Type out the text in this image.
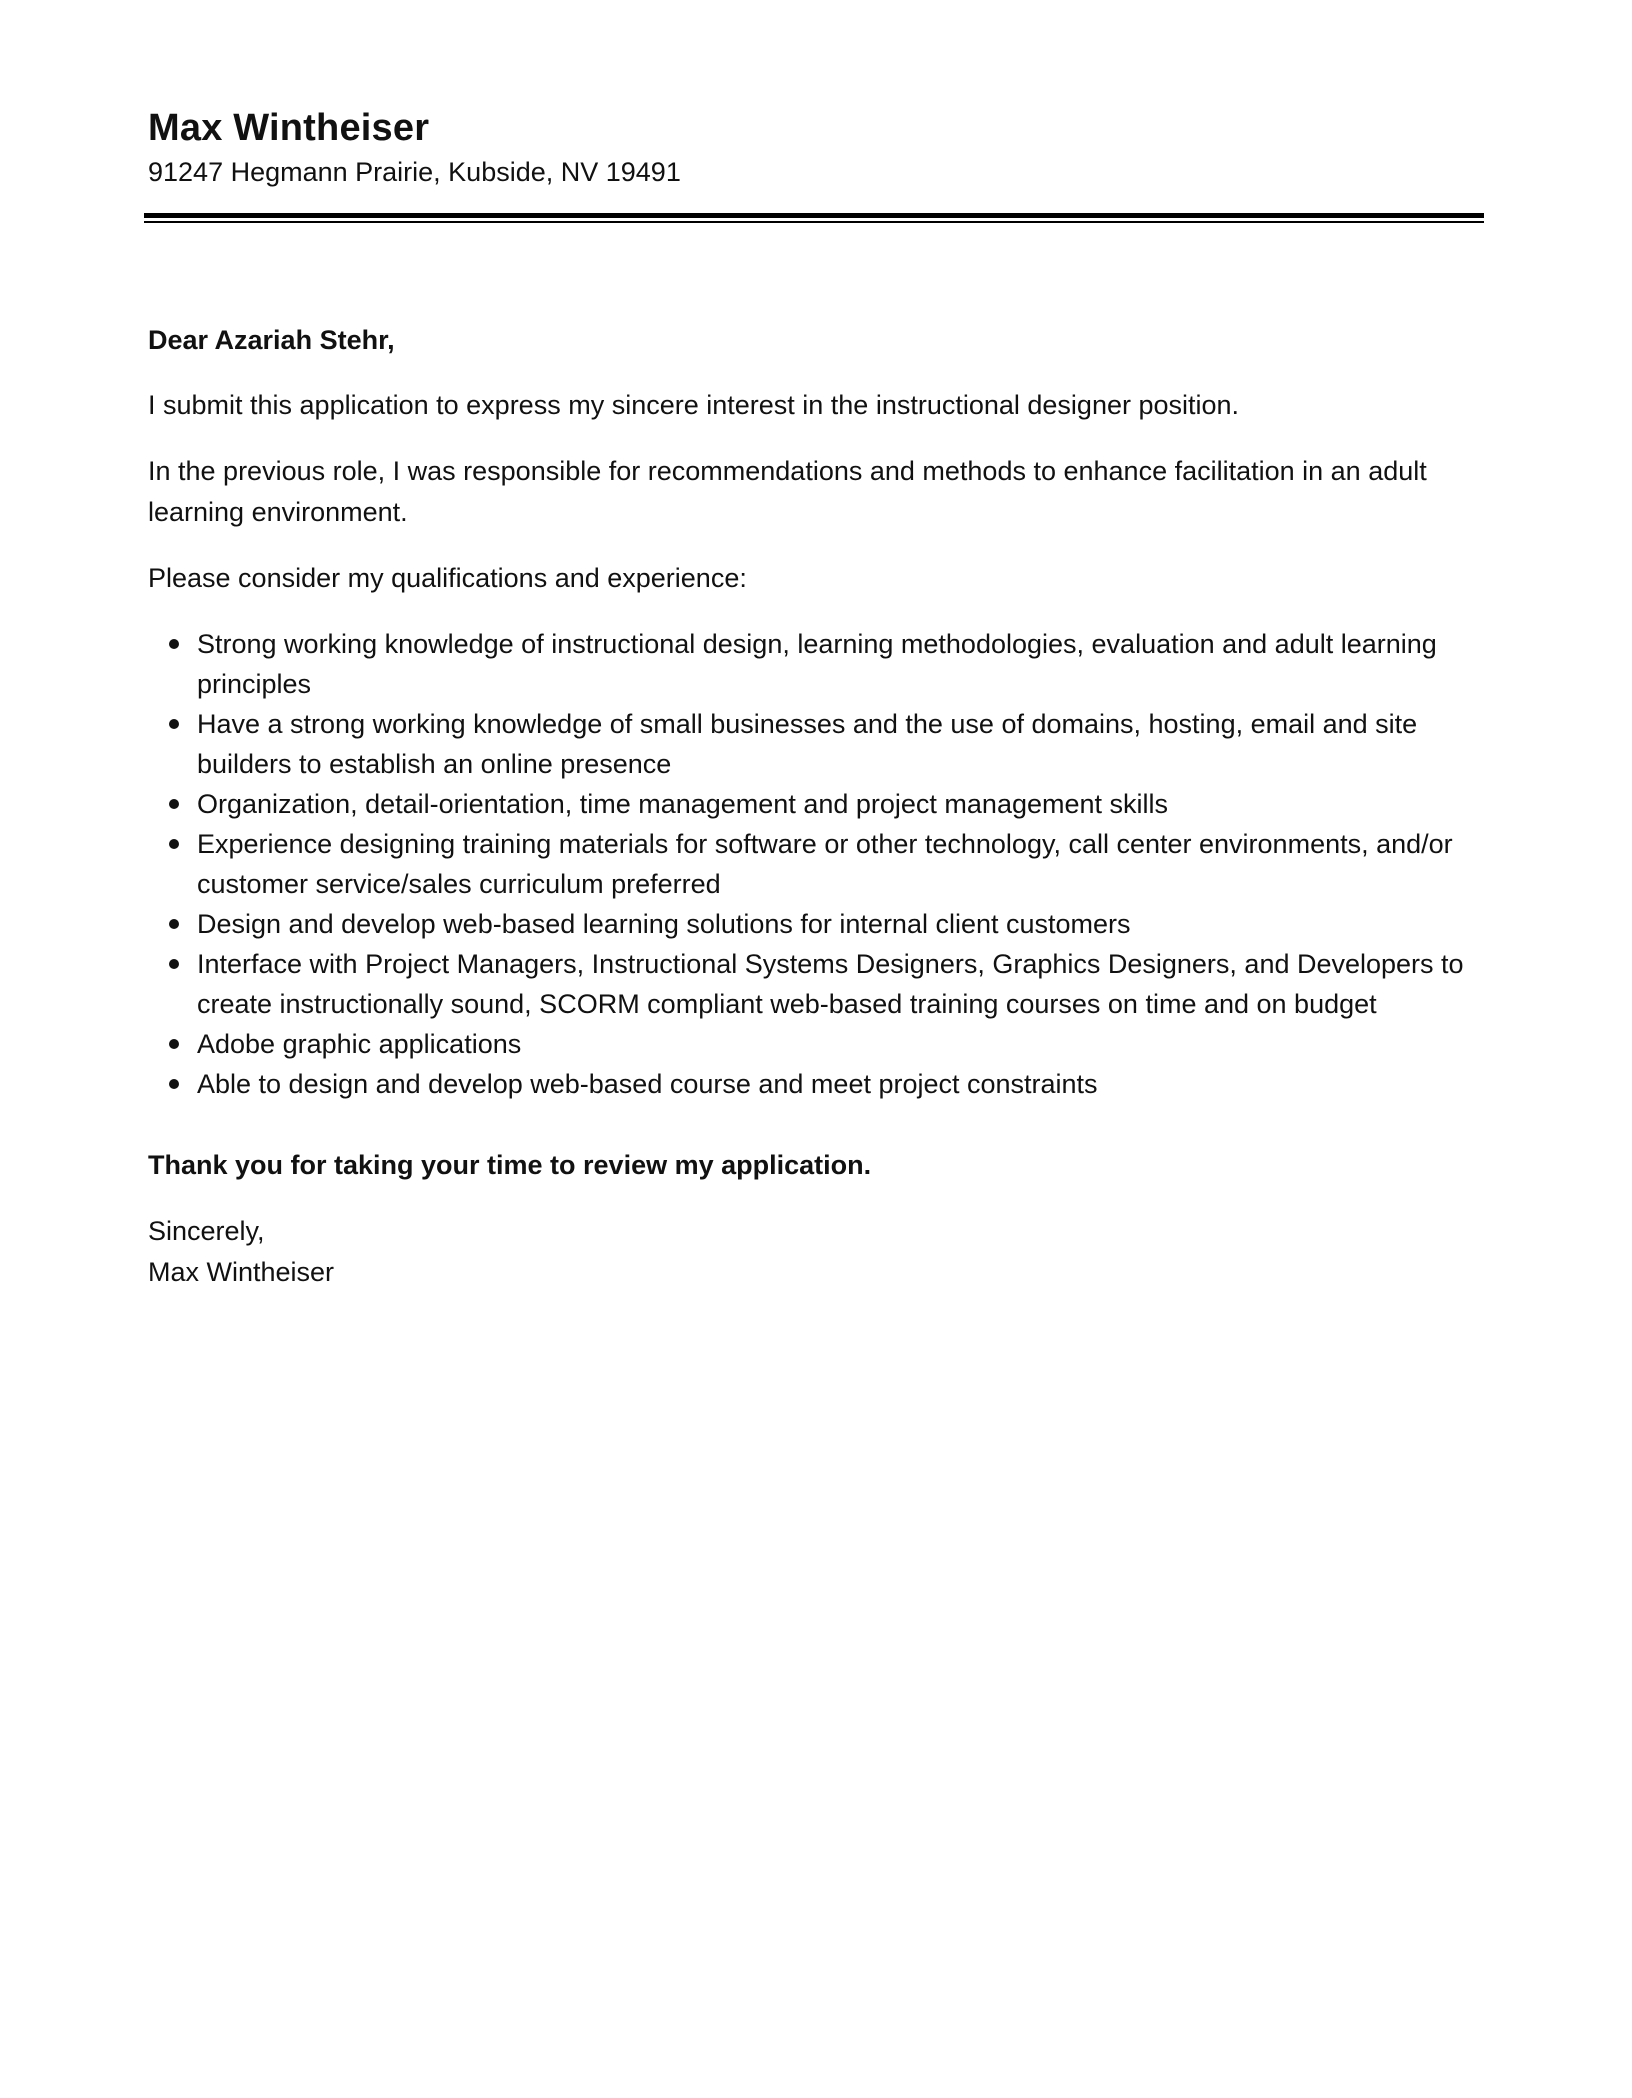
Max Wintheiser

91247 Hegmann Prairie, Kubside, NV 19491

Dear Azariah Stehr,

I submit this application to express my sincere interest in the instructional designer position.

In the previous role, I was responsible for recommendations and methods to enhance facilitation in an adult learning environment.

Please consider my qualifications and experience:

Strong working knowledge of instructional design, learning methodologies, evaluation and adult learning principles
Have a strong working knowledge of small businesses and the use of domains, hosting, email and site builders to establish an online presence
Organization, detail-orientation, time management and project management skills
Experience designing training materials for software or other technology, call center environments, and/or customer service/sales curriculum preferred
Design and develop web-based learning solutions for internal client customers
Interface with Project Managers, Instructional Systems Designers, Graphics Designers, and Developers to create instructionally sound, SCORM compliant web-based training courses on time and on budget
Adobe graphic applications
Able to design and develop web-based course and meet project constraints

Thank you for taking your time to review my application.

Sincerely,

Max Wintheiser
